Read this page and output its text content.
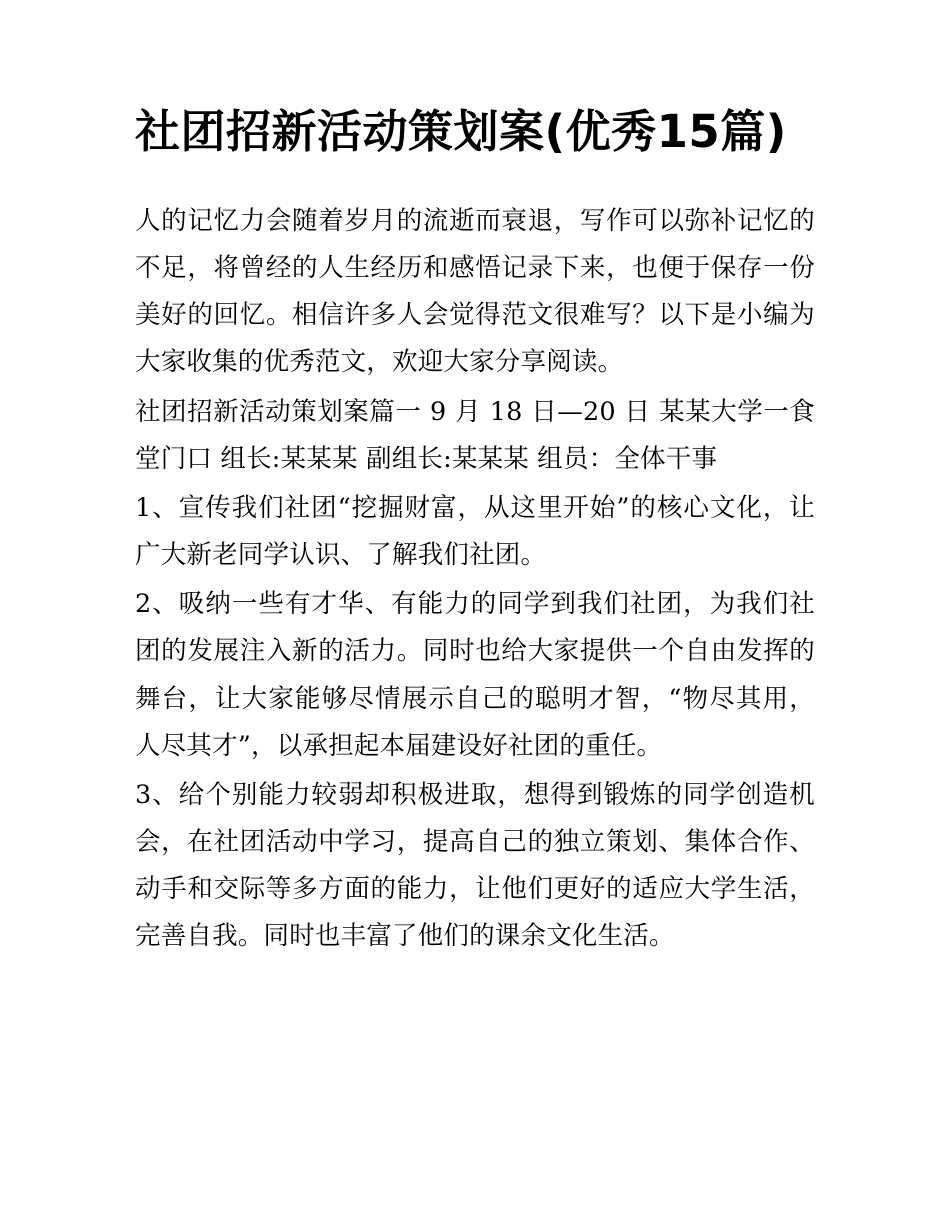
社团招新活动策划案(优秀15篇)

人的记忆力会随着岁月的流逝而衰退，写作可以弥补记忆的不足，将曾经的人生经历和感悟记录下来，也便于保存一份美好的回忆。相信许多人会觉得范文很难写？以下是小编为大家收集的优秀范文，欢迎大家分享阅读。

社团招新活动策划案篇一 9 月 18 日—20 日 某某大学一食堂门口 组长:某某某 副组长:某某某 组员：全体干事

1、宣传我们社团“挖掘财富，从这里开始”的核心文化，让广大新老同学认识、了解我们社团。

2、吸纳一些有才华、有能力的同学到我们社团，为我们社团的发展注入新的活力。同时也给大家提供一个自由发挥的舞台，让大家能够尽情展示自己的聪明才智，“物尽其用，人尽其才”，以承担起本届建设好社团的重任。

3、给个别能力较弱却积极进取，想得到锻炼的同学创造机会，在社团活动中学习，提高自己的独立策划、集体合作、动手和交际等多方面的能力，让他们更好的适应大学生活，完善自我。同时也丰富了他们的课余文化生活。
